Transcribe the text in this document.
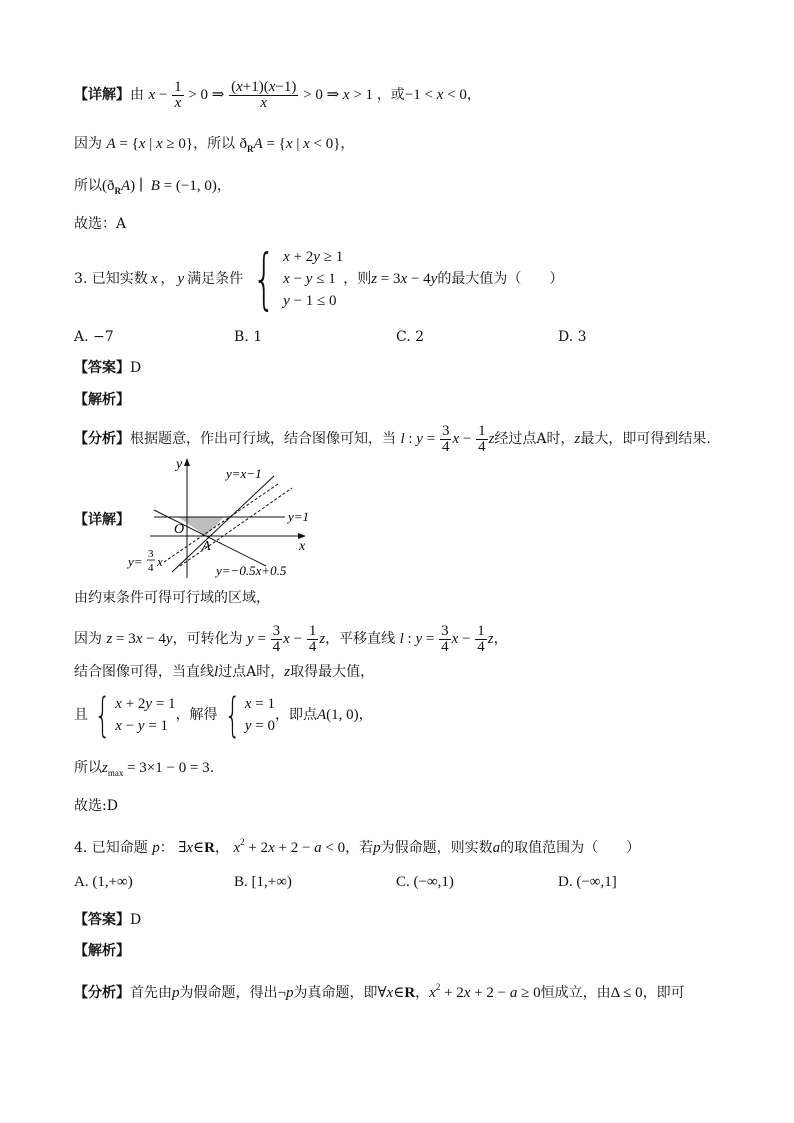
【详解】由 $x - \frac{1}{x} > 0$ ⇒ $\frac{(x+1)(x-1)}{x} > 0$ ⇒ x > 1 ，或−1 < x < 0，
因为 A = {x | x ≥ 0}，所以 $ð_RA = \{x$ | x < 0}，
所以$(ð_RA)$ ∣  B = (−1, 0)，
故选：A
3. 已知实数 x ， y 满足条件 { x + 2y ≥ 1
x − y ≤ 1
y − 1 ≤ 0
，则 z = 3x − 4y 的最大值为（　　）
A. −7	B. 1	C. 2	D. 3
【答案】D
【解析】
【分析】根据题意，作出可行域，结合图像可知，当 l : $y = \frac{3}{4}$ $x - \frac{1}{4}$ z经过点A时，z最大，即可得到结果.
【详解】
y
x
O
A
y=x−1
y=1
y=−0.5x+0.5
y= 3
4 x
由约束条件可得可行域的区域，
因为 z = 3x − 4y，可转化为 $y = \frac{3}{4}$ $x - \frac{1}{4}$ z，平移直线 l : $y = \frac{3}{4}$ $x - \frac{1}{4}$ z，
结合图像可得，当直线l过点A时，z取得最大值，
且 { x + 2y = 1
x − y = 1
，解得 { x = 1
y = 0
，即点 A(1, 0) ，
所以$z_{max} = 3\times 1 - 0 = 3$.
故选:D
4. 已知命题 p： ∃x∈R， $x^2 + 2x + 2 - a < 0$，若p为假命题，则实数a的取值范围为（　　）
A. (1,+∞)	B. [1,+∞)	C. (−∞,1)	D. (−∞,1]
【答案】D
【解析】
【分析】首先由p为假命题，得出¬p为真命题，即∀x∈R，$x^2 + 2x + 2 - a \ge 0$恒成立，由Δ ≤ 0，即可
